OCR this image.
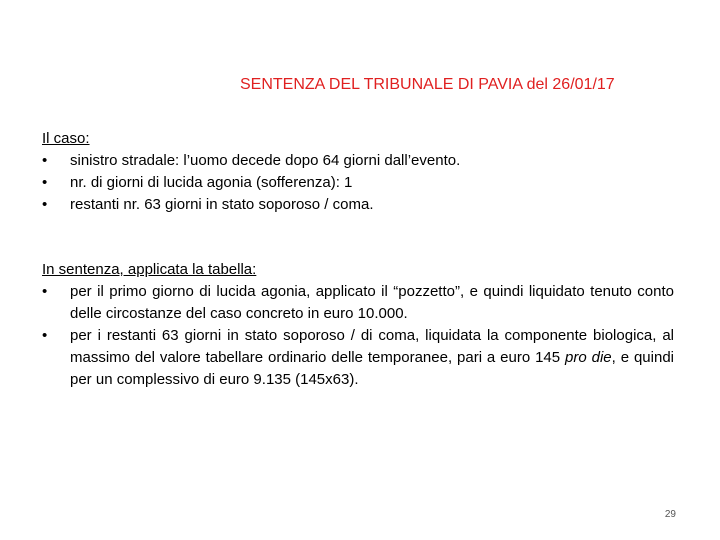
SENTENZA DEL TRIBUNALE DI PAVIA del 26/01/17
Il caso:
•	sinistro stradale: l’uomo decede dopo 64 giorni dall’evento.
•	nr. di giorni di lucida agonia (sofferenza): 1
•	restanti nr. 63 giorni in stato soporoso / coma.
In sentenza, applicata la tabella:
•	per il primo giorno di lucida agonia, applicato il “pozzetto”, e quindi liquidato tenuto conto delle circostanze del caso concreto in euro 10.000.
•	per i restanti 63 giorni in stato soporoso / di coma, liquidata la componente biologica, al massimo del valore tabellare ordinario delle temporanee, pari a euro 145 pro die, e quindi per un complessivo di euro 9.135 (145x63).
29
